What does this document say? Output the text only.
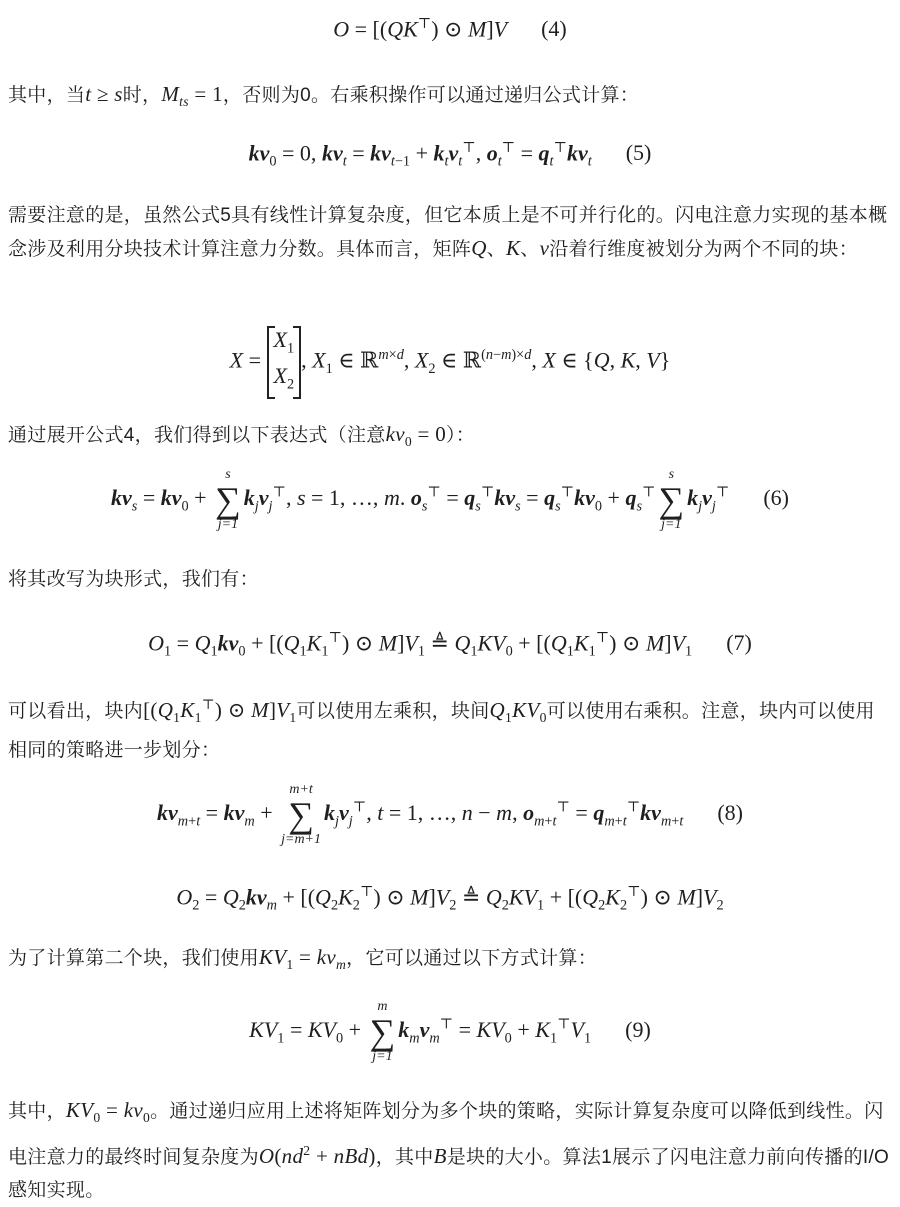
O = [(QK⊤) ⊙ M]V (4)
其中，当t ≥ s时，$M_{ts} = 1$，否则为0。右乘积操作可以通过递归公式计算：
$kv_0 = 0$, $kv_t = kv_{t-1} + k_tv_t^⊤$, $o_t^⊤ = q_t^⊤kv_t$ (5)
需要注意的是，虽然公式5具有线性计算复杂度，但它本质上是不可并行化的。闪电注意力实现的基本概念涉及利用分块技术计算注意力分数。具体而言，矩阵Q、K、v沿着行维度被划分为两个不同的块：
X =
$X_1$
$X_2$
, $X_1$ ∈ ℝ$^{m\times d}$, $X_2$ ∈ ℝ$^{(n-m)\times d}$, X ∈ {Q, K, V}
通过展开公式4，我们得到以下表达式（注意$kv_0 = 0$）：
$kv_s = kv_0$ +
s
∑
j=1
$k_jv_j^⊤$, s = 1, …, m. $o_s^⊤ = q_s^⊤kv_s = q_s^⊤kv_0 + q_s^⊤$
s
∑
j=1
$k_jv_j^⊤$ (6)
将其改写为块形式，我们有：
$O_1 = Q_1kv_0 + [(Q_1K_1^⊤)$ ⊙ $M]V_1$ ≜ $Q_1KV_0 + [(Q_1K_1^⊤)$ ⊙ $M]V_1$ (7)
可以看出，块内[$(Q_1K_1^⊤)$ ⊙ $M]V_1$可以使用左乘积，块间$Q_1KV_0$可以使用右乘积。注意，块内可以使用相同的策略进一步划分：
$kv_{m+t} = kv_m$ +
m+t
∑
j=m+1
$k_jv_j^⊤$, t = 1, …, n − m, $o_{m+t}^⊤ = q_{m+t}^⊤kv_{m+t}$ (8)
$O_2 = Q_2kv_m + [(Q_2K_2^⊤)$ ⊙ $M]V_2$ ≜ $Q_2KV_1 + [(Q_2K_2^⊤)$ ⊙ $M]V_2$
为了计算第二个块，我们使用$KV_1 = kv_m$，它可以通过以下方式计算：
$KV_1 = KV_0$ +
m
∑
j=1
$k_mv_m^⊤ = KV_0 + K_1^⊤V_1$ (9)
其中，$KV_0 = kv_0$。通过递归应用上述将矩阵划分为多个块的策略，实际计算复杂度可以降低到线性。闪电注意力的最终时间复杂度为$O(nd^2 + nBd)$，其中B是块的大小。算法1展示了闪电注意力前向传播的I/O感知实现。
